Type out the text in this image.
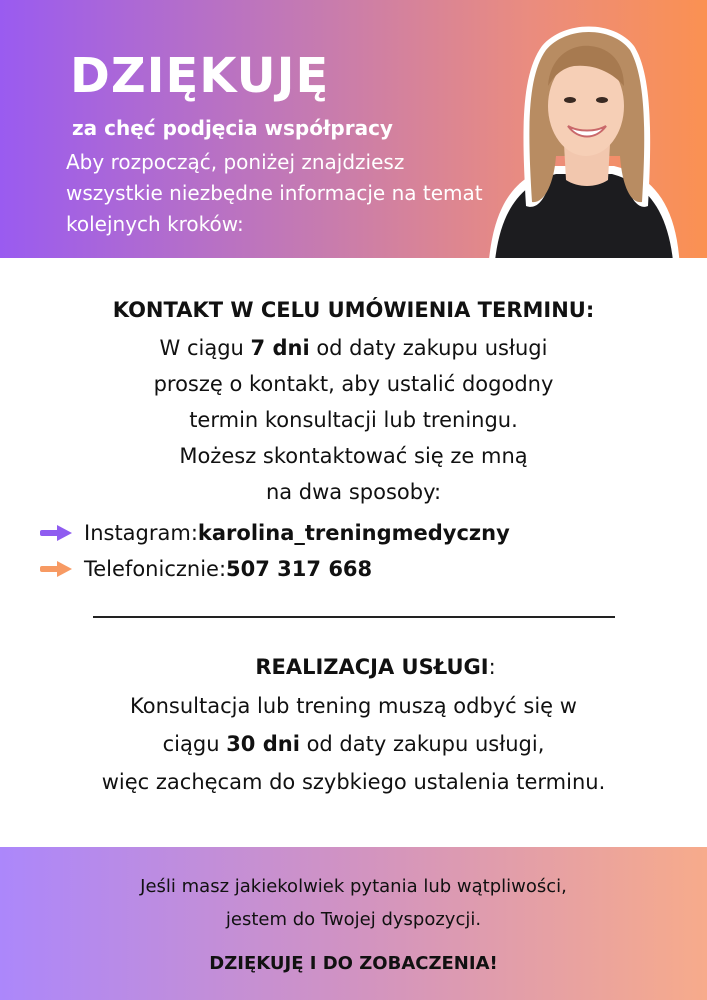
DZIĘKUJĘ
za chęć podjęcia współpracy
Aby rozpocząć, poniżej znajdziesz wszystkie niezbędne informacje na temat kolejnych kroków:
KONTAKT W CELU UMÓWIENIA TERMINU:
W ciągu 7 dni od daty zakupu usługi
proszę o kontakt, aby ustalić dogodny
termin konsultacji lub treningu.
Możesz skontaktować się ze mną
na dwa sposoby:
Instagram: karolina_treningmedyczny
Telefonicznie: 507 317 668
REALIZACJA USŁUGI:
Konsultacja lub trening muszą odbyć się w
ciągu 30 dni od daty zakupu usługi,
więc zachęcam do szybkiego ustalenia terminu.
Jeśli masz jakiekolwiek pytania lub wątpliwości,
jestem do Twojej dyspozycji.
DZIĘKUJĘ I DO ZOBACZENIA!
